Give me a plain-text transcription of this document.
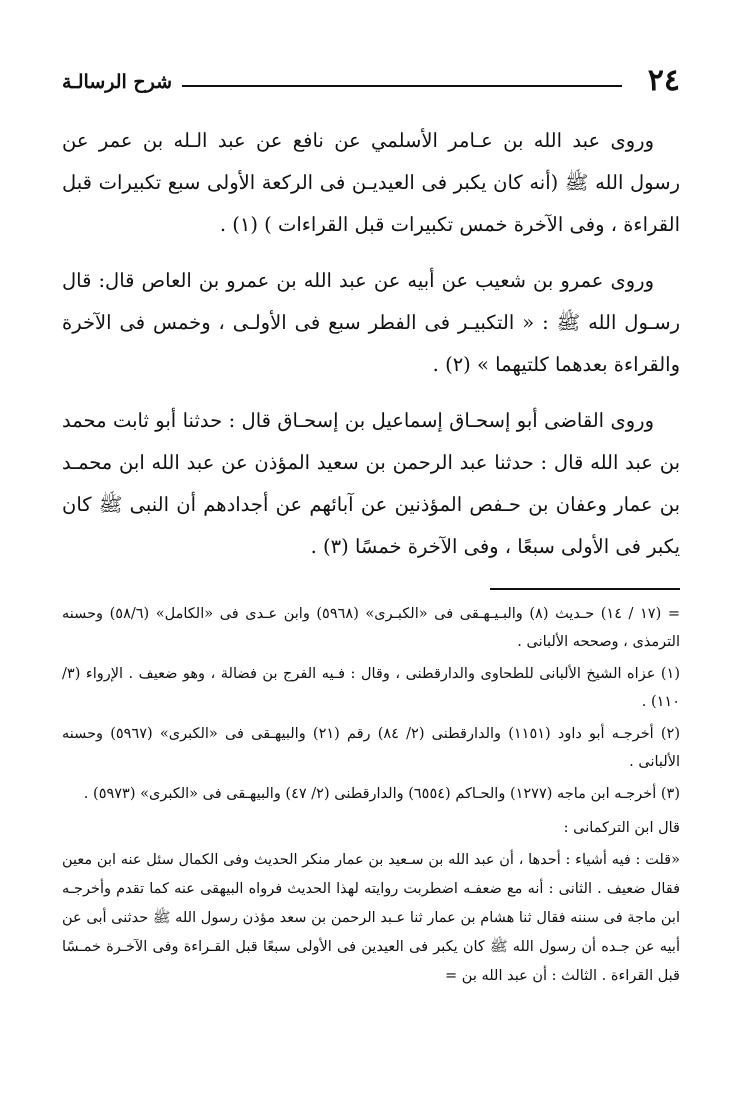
٢٤
شرح الرسالـة

وروى عبد الله بن عـامر الأسلمي عن نافع عن عبد الـله بن عمر عن رسول الله ﷺ (أنه كان يكبر فى العيديـن فى الركعة الأولى سبع تكبيرات قبل القراءة ، وفى الآخرة خمس تكبيرات قبل القراءات ) (١) .

وروى عمرو بن شعيب عن أبيه عن عبد الله بن عمرو بن العاص قال: قال رسـول الله ﷺ : « التكبيـر فى الفطر سبع فى الأولـى ، وخمس فى الآخرة والقراءة بعدهما كلتيهما » (٢) .

وروى القاضى أبو إسحـاق إسماعيل بن إسحـاق قال : حدثنا أبو ثابت محمد بن عبد الله قال : حدثنا عبد الرحمن بن سعيد المؤذن عن عبد الله ابن محمـد بن عمار وعفان بن حـفص المؤذنين عن آبائهم عن أجدادهم أن النبى ﷺ كان يكبر فى الأولى سبعًا ، وفى الآخرة خمسًا (٣) .

= (١٧ / ١٤) حـديث (٨) والبـيـهـقى فى «الكبـرى» (٥٩٦٨) وابن عـدى فى «الكامل» (٥٨/٦) وحسنه الترمذى ، وصححه الألبانى .

(١) عزاه الشيخ الألبانى للطحاوى والدارقطنى ، وقال : فـيه الفرج بن فضالة ، وهو ضعيف . الإرواء (٣/ ١١٠) .

(٢) أخرجـه أبو داود (١١٥١) والدارقطنى (٢/ ٨٤) رقم (٢١) والبيهـقى فى «الكبرى» (٥٩٦٧) وحسنه الألبانى .

(٣) أخرجـه ابن ماجه (١٢٧٧) والحـاكم (٦٥٥٤) والدارقطنى (٢/ ٤٧) والبيهـقى فى «الكبرى» (٥٩٧٣) .

قال ابن التركمانى :

«قلت : فيه أشياء : أحدها ، أن عبد الله بن سـعيد بن عمار منكر الحديث وفى الكمال سئل عنه ابن معين فقال ضعيف . الثانى : أنه مع ضعفـه اضطربت روايته لهذا الحديث فرواه البيهقى عنه كما تقدم وأخرجـه ابن ماجة فى سننه فقال ثنا هشام بن عمار ثنا عـبد الرحمن بن سعد مؤذن رسول الله ﷺ حدثنى أبى عن أبيه عن جـده أن رسول الله ﷺ كان يكبر فى العيدين فى الأولى سبعًا قبل القـراءة وفى الآخـرة خمـسًا قبل القراءة . الثالث : أن عبد الله بن =
